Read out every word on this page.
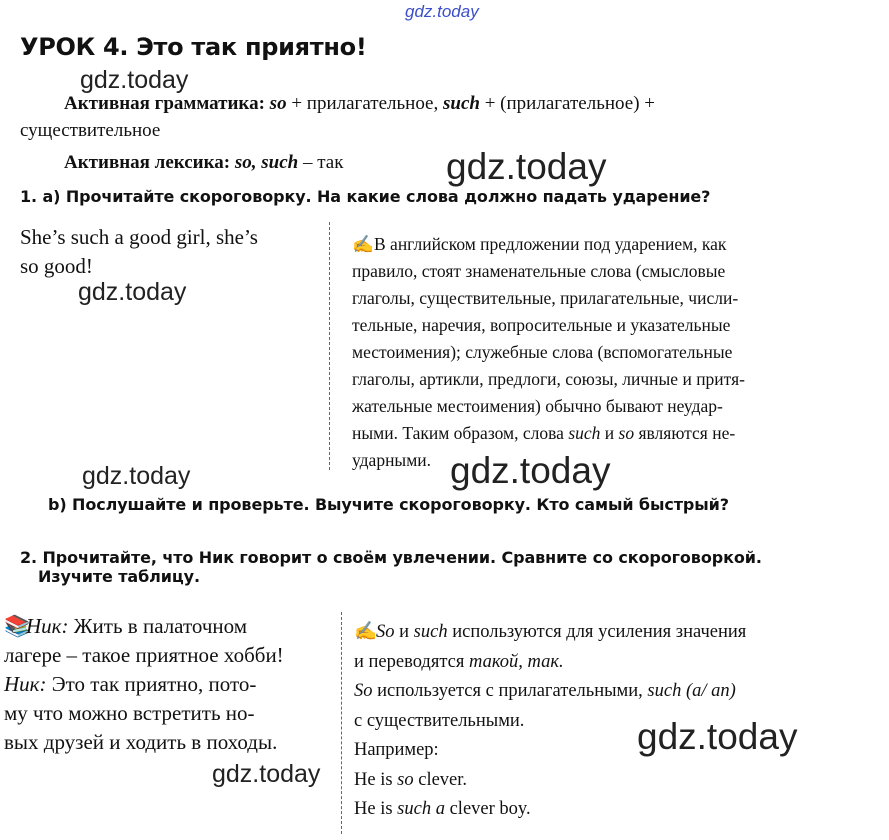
gdz.today
gdz.today
gdz.today
gdz.today
gdz.today	gdz.today
gdz.today
gdz.today
УРОК 4. Это так приятно!
Активная грамматика: so + прилагательное, such + (прилагательное) +
существительное
Активная лексика: so, such – так
1. a) Прочитайте скороговорку. На какие слова должно падать ударение?
She’s such a good girl, she’s
so good!
✍В английском предложении под ударением, как
правило, стоят знаменательные слова (смысловые
глаголы, существительные, прилагательные, числи-
тельные, наречия, вопросительные и указательные
местоимения); служебные слова (вспомогательные
глаголы, артикли, предлоги, союзы, личные и притя-
жательные местоимения) обычно бывают неудар-
ными. Таким образом, слова such и so являются не-
ударными.
b) Послушайте и проверьте. Выучите скороговорку. Кто самый быстрый?
2. Прочитайте, что Ник говорит о своём увлечении. Сравните со скороговоркой.
Изучите таблицу.
📚Ник: Жить в палаточном
лагере – такое приятное хобби!
Ник: Это так приятно, пото-
му что можно встретить но-
вых друзей и ходить в походы.
✍So и such используются для усиления значения
и переводятся такой, так.
So используется с прилагательными, such (a/ an)
с существительными.
Например:
He is so clever.
He is such a clever boy.
